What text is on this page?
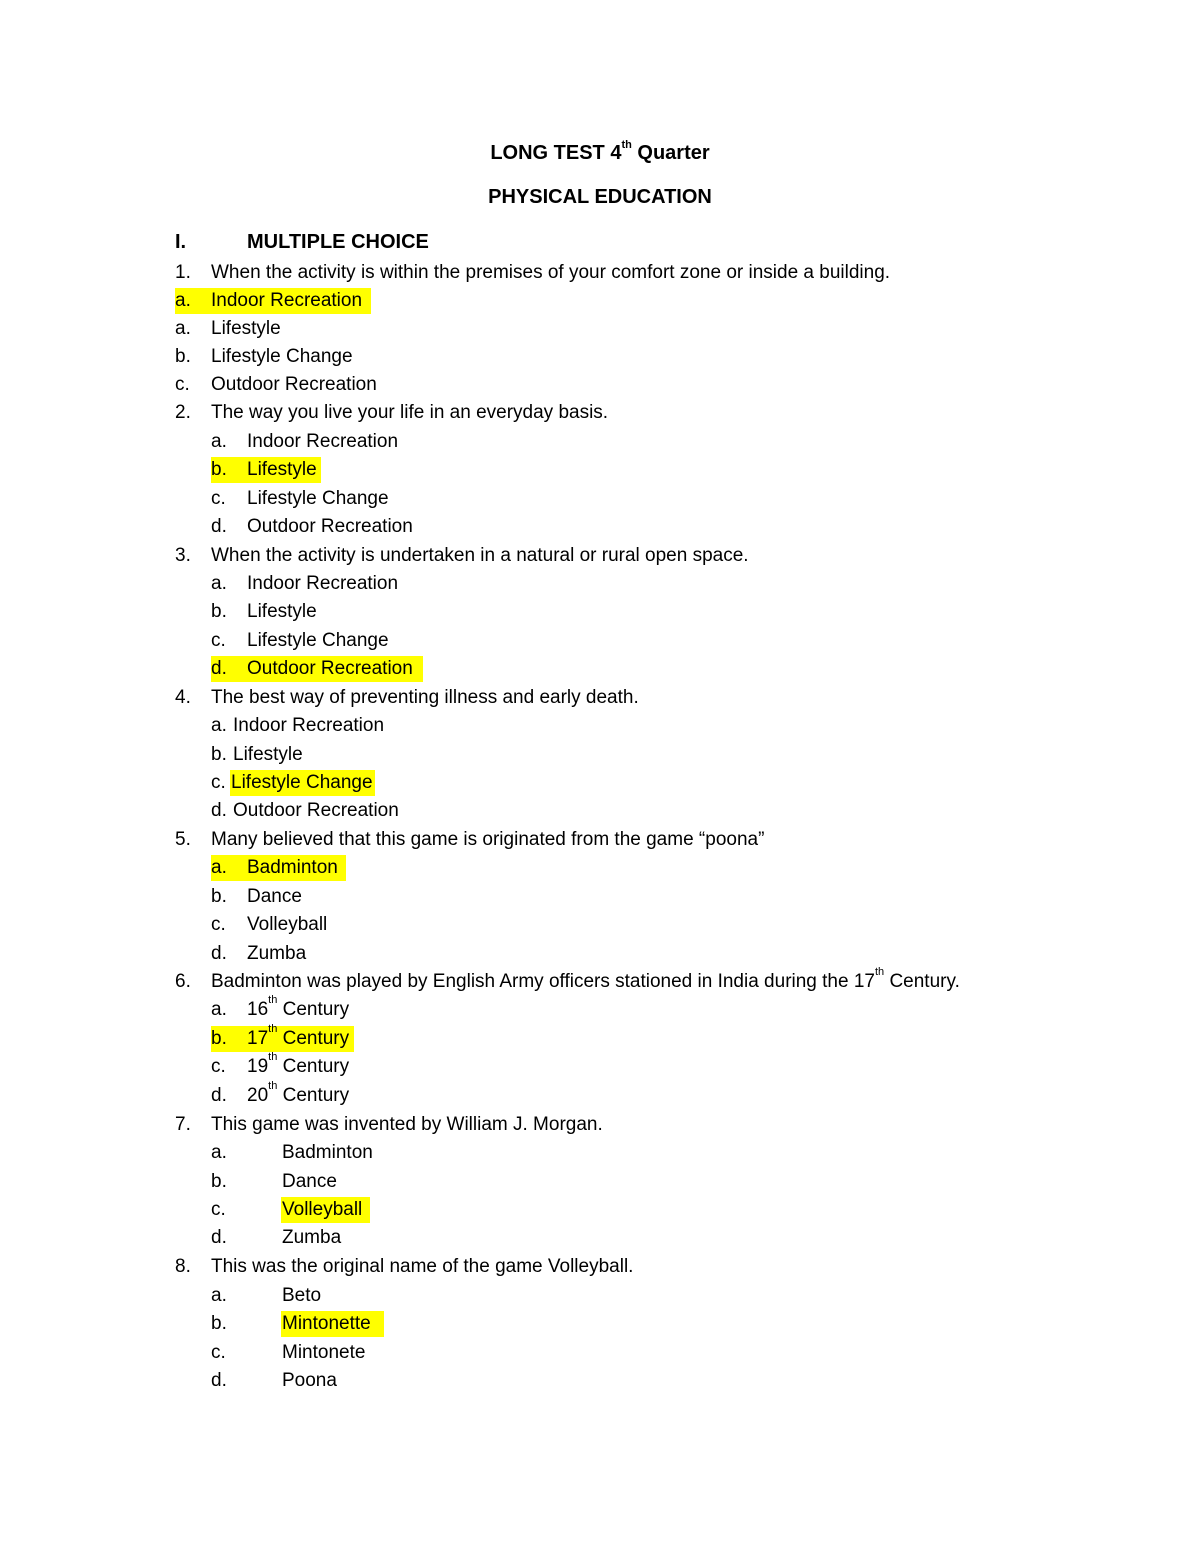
LONG TEST 4th Quarter
PHYSICAL EDUCATION
I.	MULTIPLE CHOICE
1. When the activity is within the premises of your comfort zone or inside a building.
a. Indoor Recreation
a. Lifestyle
b. Lifestyle Change
c. Outdoor Recreation
2. The way you live your life in an everyday basis.
a. Indoor Recreation
b. Lifestyle
c. Lifestyle Change
d. Outdoor Recreation
3. When the activity is undertaken in a natural or rural open space.
a. Indoor Recreation
b. Lifestyle
c. Lifestyle Change
d. Outdoor Recreation
4. The best way of preventing illness and early death.
a. Indoor Recreation
b. Lifestyle
c. Lifestyle Change
d. Outdoor Recreation
5. Many believed that this game is originated from the game “poona”
a. Badminton
b. Dance
c. Volleyball
d. Zumba
6. Badminton was played by English Army officers stationed in India during the 17th Century.
a. 16th Century
b. 17th Century
c. 19th Century
d. 20th Century
7. This game was invented by William J. Morgan.
a.	Badminton
b.	Dance
c.	Volleyball
d.	Zumba
8. This was the original name of the game Volleyball.
a.	Beto
b.	Mintonette
c.	Mintonete
d.	Poona
